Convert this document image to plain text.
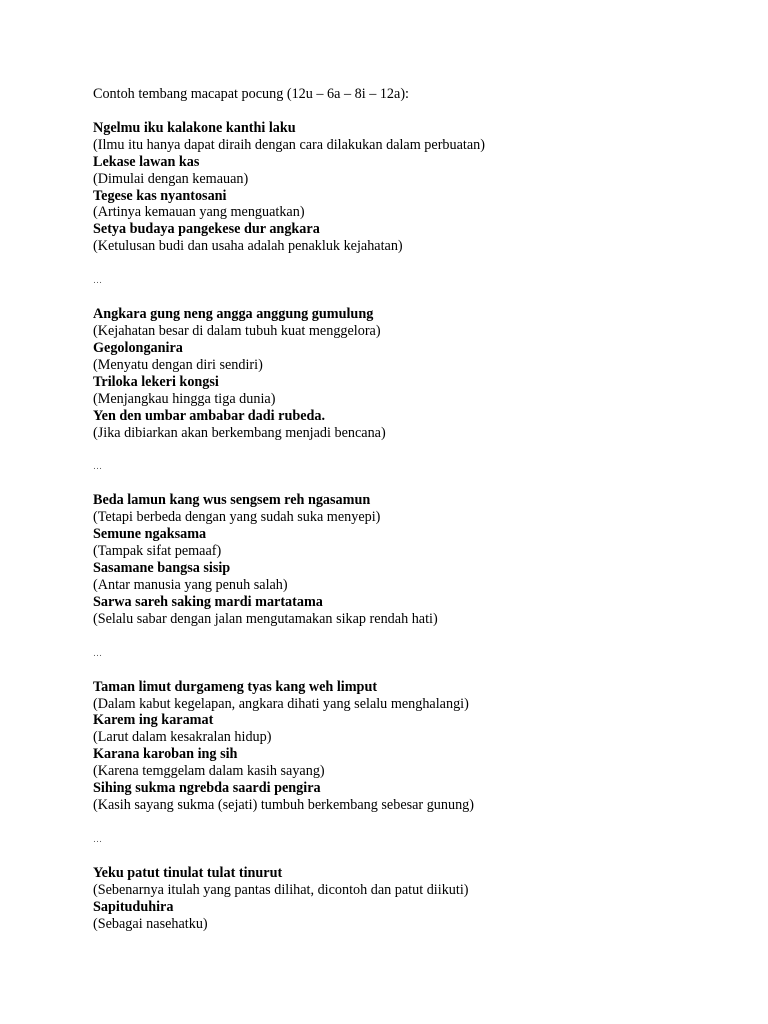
Contoh tembang macapat pocung (12u – 6a – 8i – 12a):

Ngelmu iku kalakone kanthi laku
(Ilmu itu hanya dapat diraih dengan cara dilakukan dalam perbuatan)
Lekase lawan kas
(Dimulai dengan kemauan)
Tegese kas nyantosani
(Artinya kemauan yang menguatkan)
Setya budaya pangekese dur angkara
(Ketulusan budi dan usaha adalah penakluk kejahatan)
…
Angkara gung neng angga anggung gumulung
(Kejahatan besar di dalam tubuh kuat menggelora)
Gegolonganira
(Menyatu dengan diri sendiri)
Triloka lekeri kongsi
(Menjangkau hingga tiga dunia)
Yen den umbar ambabar dadi rubeda.
(Jika dibiarkan akan berkembang menjadi bencana)
…
Beda lamun kang wus sengsem reh ngasamun
(Tetapi berbeda dengan yang sudah suka menyepi)
Semune ngaksama
(Tampak sifat pemaaf)
Sasamane bangsa sisip
(Antar manusia yang penuh salah)
Sarwa sareh saking mardi martatama
(Selalu sabar dengan jalan mengutamakan sikap rendah hati)
…
Taman limut durgameng tyas kang weh limput
(Dalam kabut kegelapan, angkara dihati yang selalu menghalangi)
Karem ing karamat
(Larut dalam kesakralan hidup)
Karana karoban ing sih
(Karena temggelam dalam kasih sayang)
Sihing sukma ngrebda saardi pengira
(Kasih sayang sukma (sejati) tumbuh berkembang sebesar gunung)
…
Yeku patut tinulat tulat tinurut
(Sebenarnya itulah yang pantas dilihat, dicontoh dan patut diikuti)
Sapituduhira
(Sebagai nasehatku)
